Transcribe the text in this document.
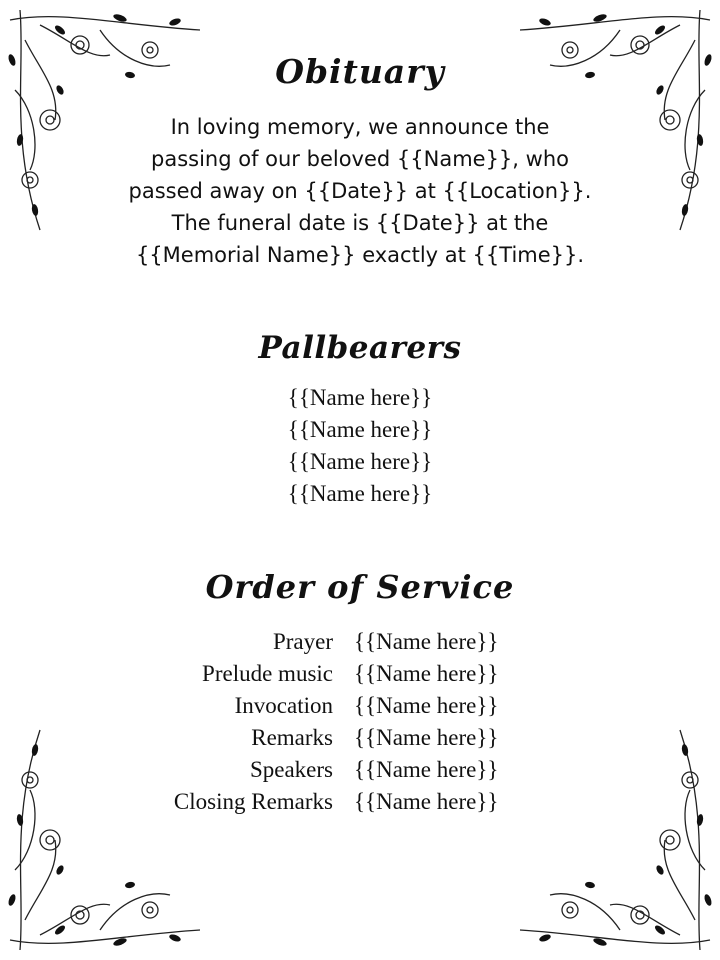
Obituary
In loving memory, we announce the
passing of our beloved {{Name}}, who
passed away on {{Date}} at {{Location}}.
The funeral date is {{Date}} at the
{{Memorial Name}} exactly at {{Time}}.
Pallbearers
{{Name here}}
{{Name here}}
{{Name here}}
{{Name here}}
Order of Service
Prayer {{Name here}}
Prelude music {{Name here}}
Invocation {{Name here}}
Remarks {{Name here}}
Speakers {{Name here}}
Closing Remarks {{Name here}}
